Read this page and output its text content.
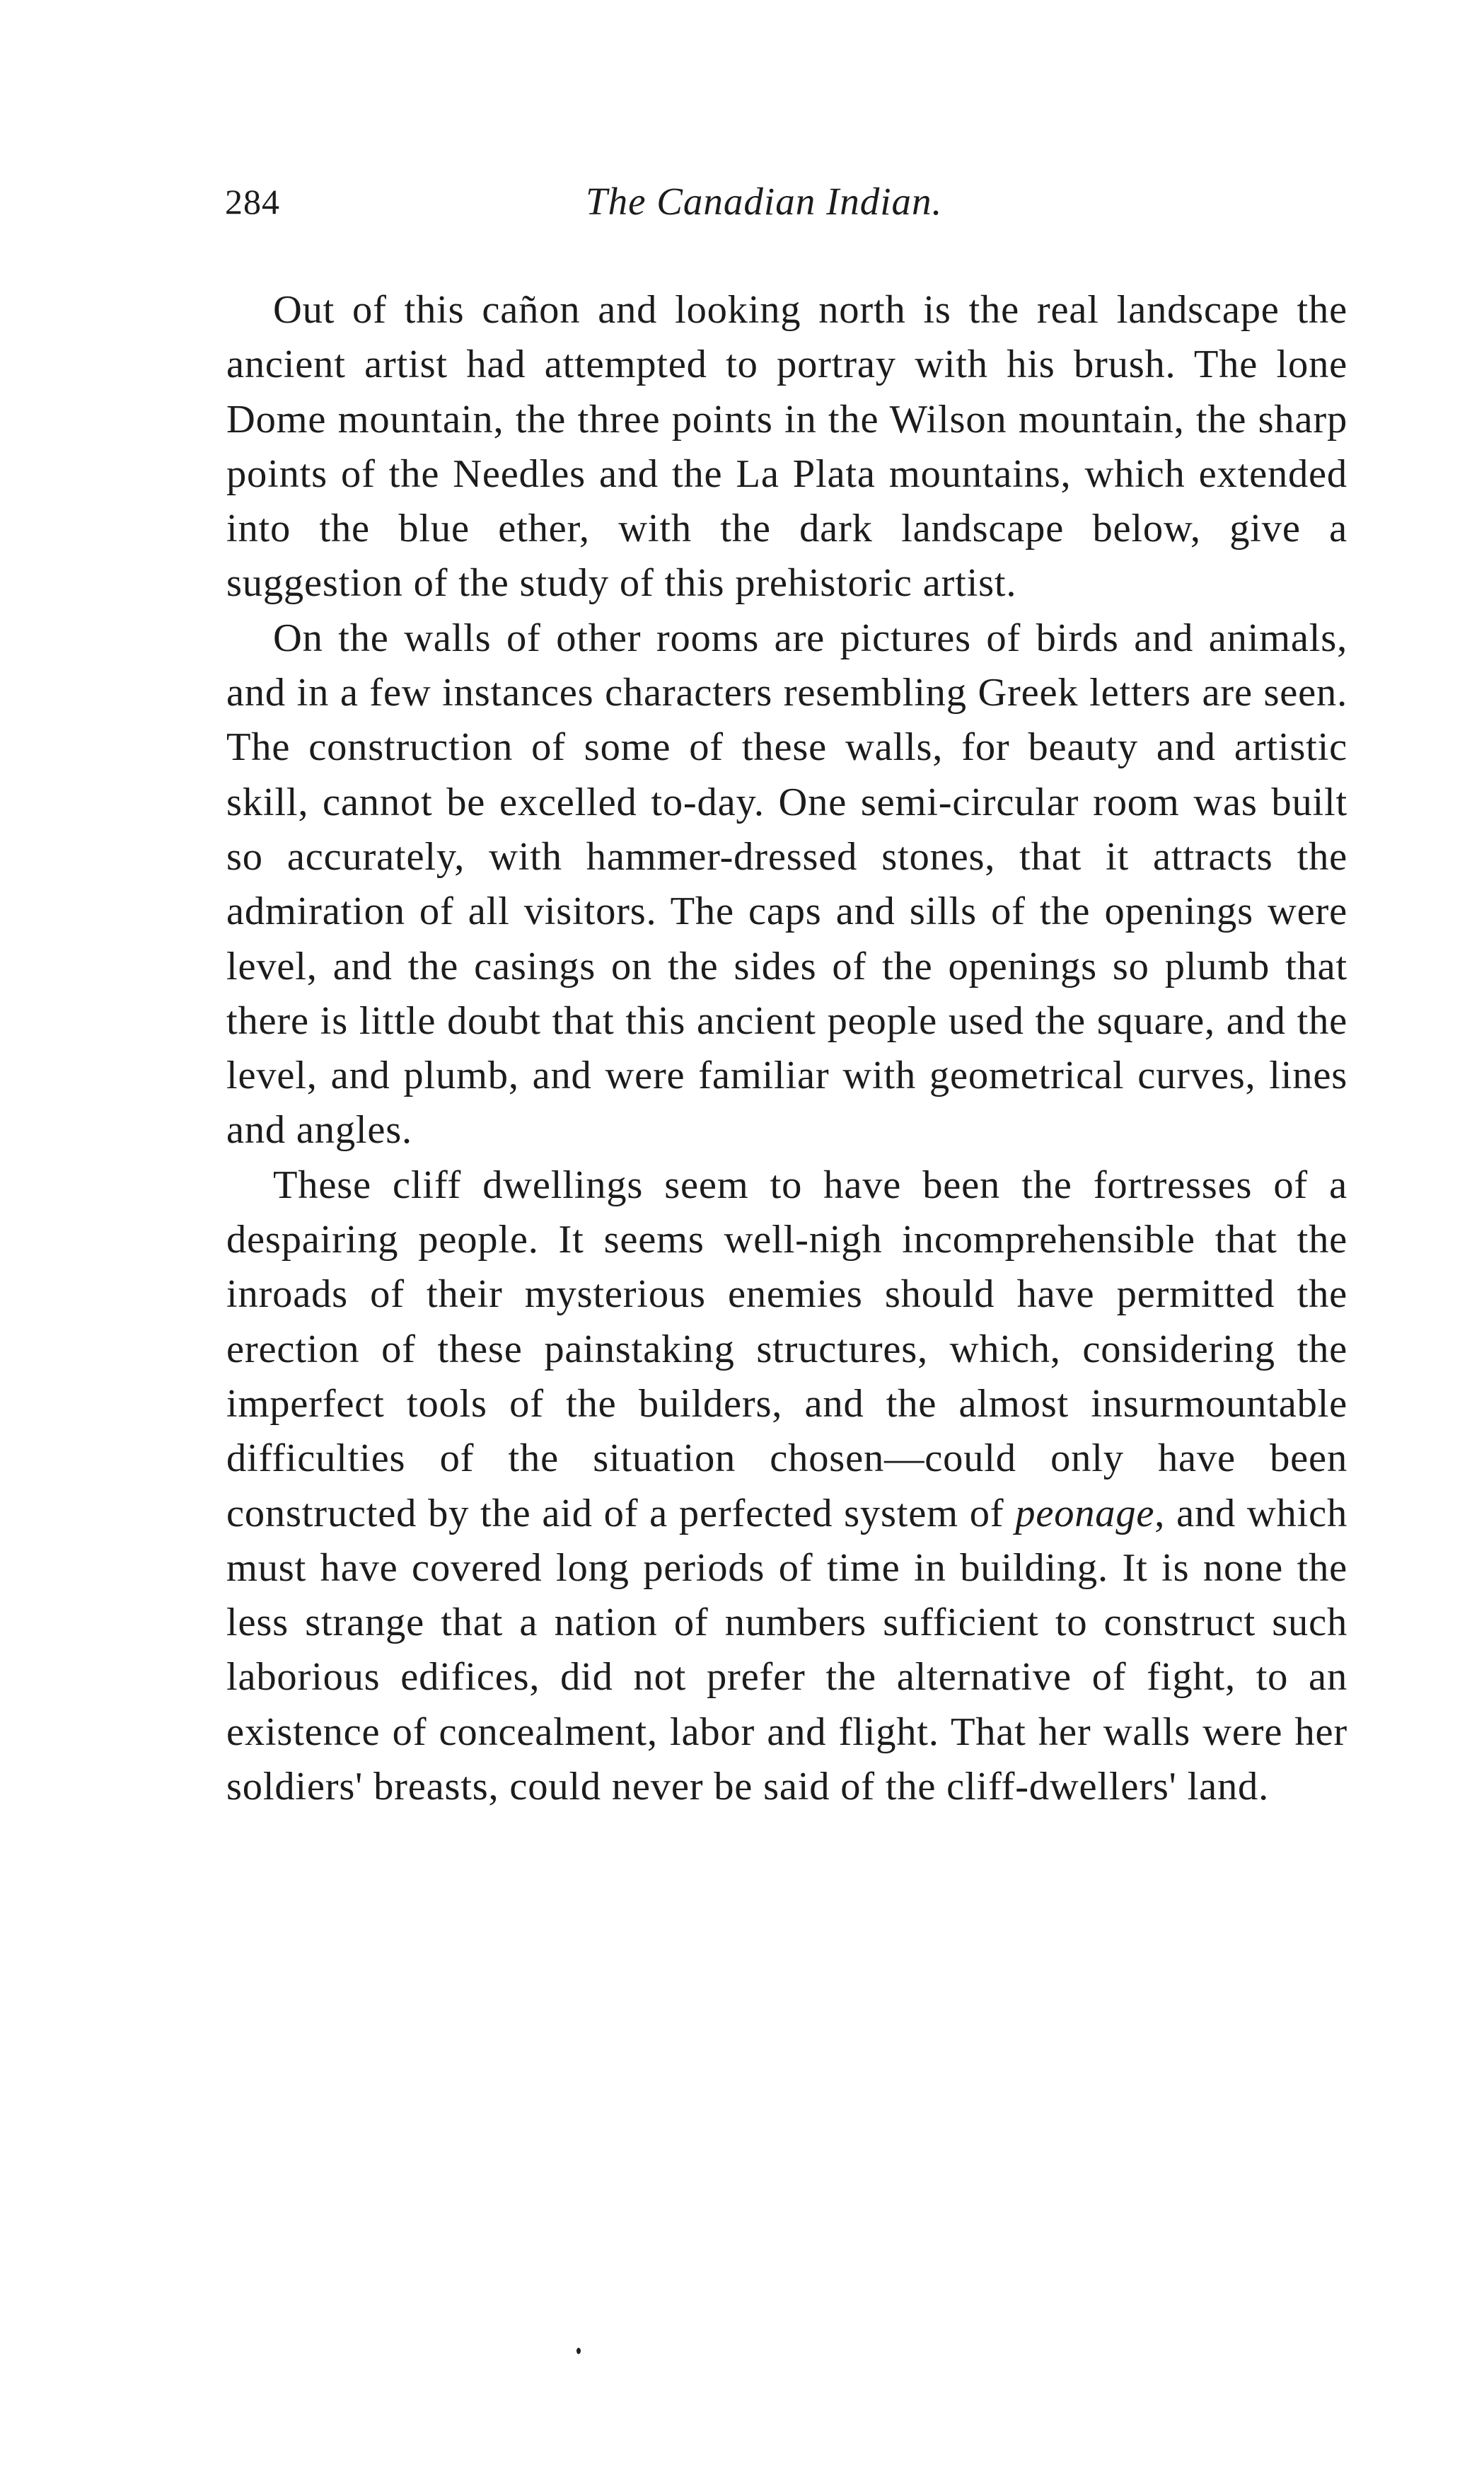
284	The Canadian Indian.

Out of this cañon and looking north is the real landscape the ancient artist had attempted to portray with his brush. The lone Dome mountain, the three points in the Wilson mountain, the sharp points of the Needles and the La Plata mountains, which extended into the blue ether, with the dark landscape below, give a suggestion of the study of this prehistoric artist.

On the walls of other rooms are pictures of birds and animals, and in a few instances characters resembling Greek letters are seen. The construction of some of these walls, for beauty and artistic skill, cannot be excelled to-day. One semi-circular room was built so accurately, with hammer-dressed stones, that it attracts the admiration of all visitors. The caps and sills of the openings were level, and the casings on the sides of the openings so plumb that there is little doubt that this ancient people used the square, and the level, and plumb, and were familiar with geometrical curves, lines and angles.

These cliff dwellings seem to have been the fortresses of a despairing people. It seems well-nigh incomprehensible that the inroads of their mysterious enemies should have permitted the erection of these painstaking structures, which, considering the imperfect tools of the builders, and the almost insurmountable difficulties of the situation chosen—could only have been constructed by the aid of a perfected system of peonage, and which must have covered long periods of time in building. It is none the less strange that a nation of numbers sufficient to construct such laborious edifices, did not prefer the alternative of fight, to an existence of concealment, labor and flight. That her walls were her soldiers' breasts, could never be said of the cliff-dwellers' land.
